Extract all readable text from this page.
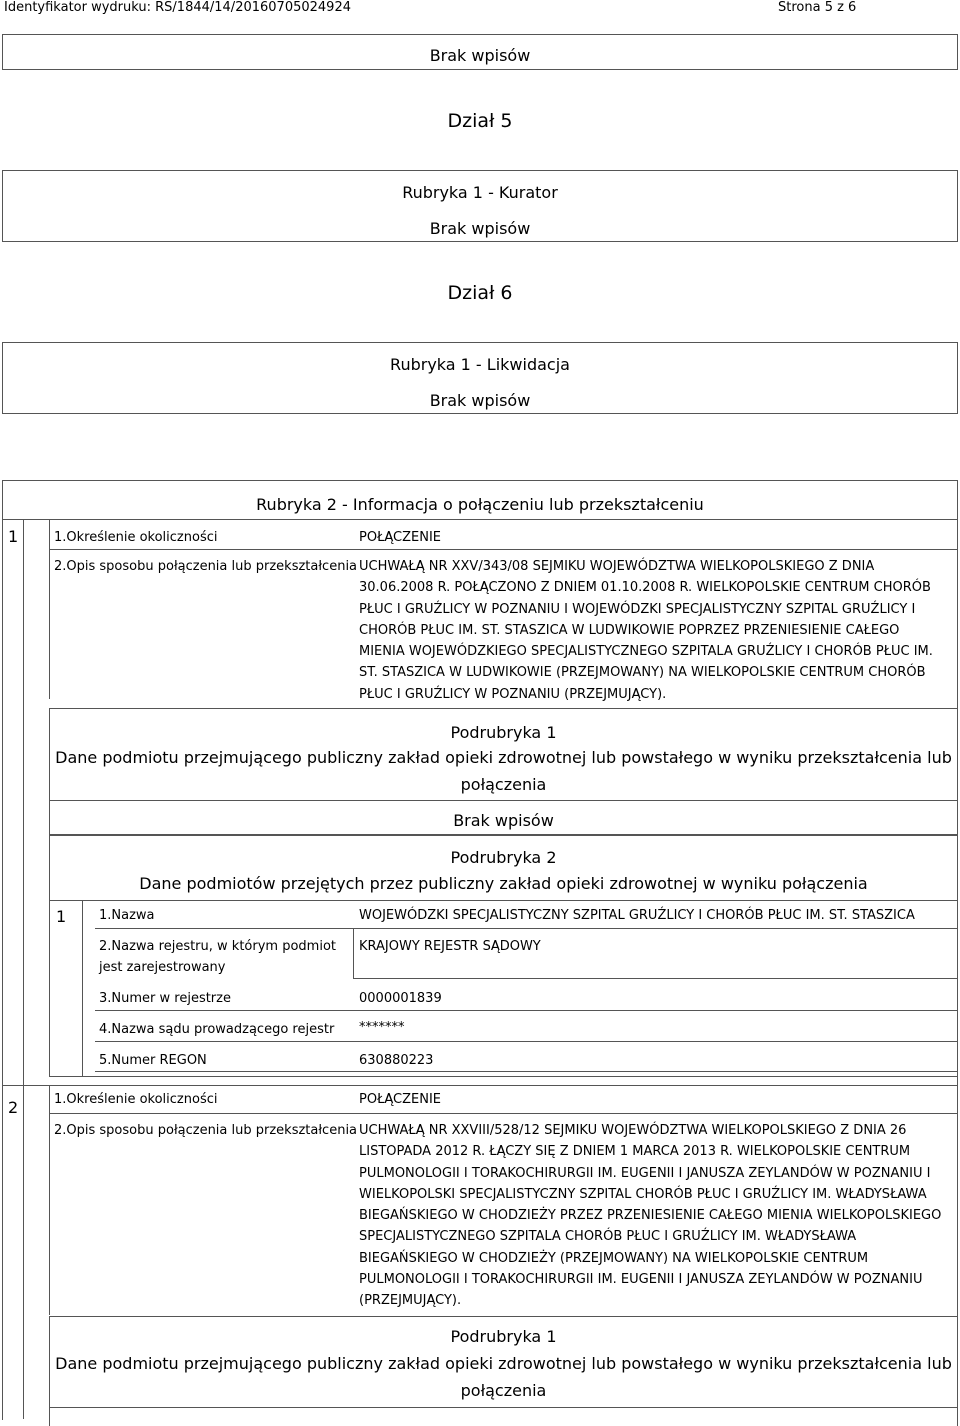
Identyfikator wydruku: RS/1844/14/20160705024924	Strona 5 z 6
Brak wpisów
Dział 5
Rubryka 1 - Kurator
Brak wpisów
Dział 6
Rubryka 1 - Likwidacja
Brak wpisów
Rubryka 2 - Informacja o połączeniu lub przekształceniu
1	1.Określenie okoliczności	POŁĄCZENIE
2.Opis sposobu połączenia lub przekształcenia UCHWAŁĄ NR XXV/343/08 SEJMIKU WOJEWÓDZTWA WIELKOPOLSKIEGO Z DNIA
30.06.2008 R. POŁĄCZONO Z DNIEM 01.10.2008 R. WIELKOPOLSKIE CENTRUM CHORÓB
PŁUC I GRUŹLICY W POZNANIU I WOJEWÓDZKI SPECJALISTYCZNY SZPITAL GRUŹLICY I
CHORÓB PŁUC IM. ST. STASZICA W LUDWIKOWIE POPRZEZ PRZENIESIENIE CAŁEGO
MIENIA WOJEWÓDZKIEGO SPECJALISTYCZNEGO SZPITALA GRUŹLICY I CHORÓB PŁUC IM.
ST. STASZICA W LUDWIKOWIE (PRZEJMOWANY) NA WIELKOPOLSKIE CENTRUM CHORÓB
PŁUC I GRUŹLICY W POZNANIU (PRZEJMUJĄCY).
Podrubryka 1
Dane podmiotu przejmującego publiczny zakład opieki zdrowotnej lub powstałego w wyniku przekształcenia lub
połączenia
Brak wpisów
Podrubryka 2
Dane podmiotów przejętych przez publiczny zakład opieki zdrowotnej w wyniku połączenia
1	1.Nazwa	WOJEWÓDZKI SPECJALISTYCZNY SZPITAL GRUŹLICY I CHORÓB PŁUC IM. ST. STASZICA
2.Nazwa rejestru, w którym podmiot
jest zarejestrowany
KRAJOWY REJESTR SĄDOWY
3.Numer w rejestrze	0000001839
4.Nazwa sądu prowadzącego rejestr *******
5.Numer REGON	630880223
2	1.Określenie okoliczności	POŁĄCZENIE
2.Opis sposobu połączenia lub przekształcenia UCHWAŁĄ NR XXVIII/528/12 SEJMIKU WOJEWÓDZTWA WIELKOPOLSKIEGO Z DNIA 26
LISTOPADA 2012 R. ŁĄCZY SIĘ Z DNIEM 1 MARCA 2013 R. WIELKOPOLSKIE CENTRUM
PULMONOLOGII I TORAKOCHIRURGII IM. EUGENII I JANUSZA ZEYLANDÓW W POZNANIU I
WIELKOPOLSKI SPECJALISTYCZNY SZPITAL CHORÓB PŁUC I GRUŹLICY IM. WŁADYSŁAWA
BIEGAŃSKIEGO W CHODZIEŻY PRZEZ PRZENIESIENIE CAŁEGO MIENIA WIELKOPOLSKIEGO
SPECJALISTYCZNEGO SZPITALA CHORÓB PŁUC I GRUŹLICY IM. WŁADYSŁAWA
BIEGAŃSKIEGO W CHODZIEŻY (PRZEJMOWANY) NA WIELKOPOLSKIE CENTRUM
PULMONOLOGII I TORAKOCHIRURGII IM. EUGENII I JANUSZA ZEYLANDÓW W POZNANIU
(PRZEJMUJĄCY).
Podrubryka 1
Dane podmiotu przejmującego publiczny zakład opieki zdrowotnej lub powstałego w wyniku przekształcenia lub
połączenia
